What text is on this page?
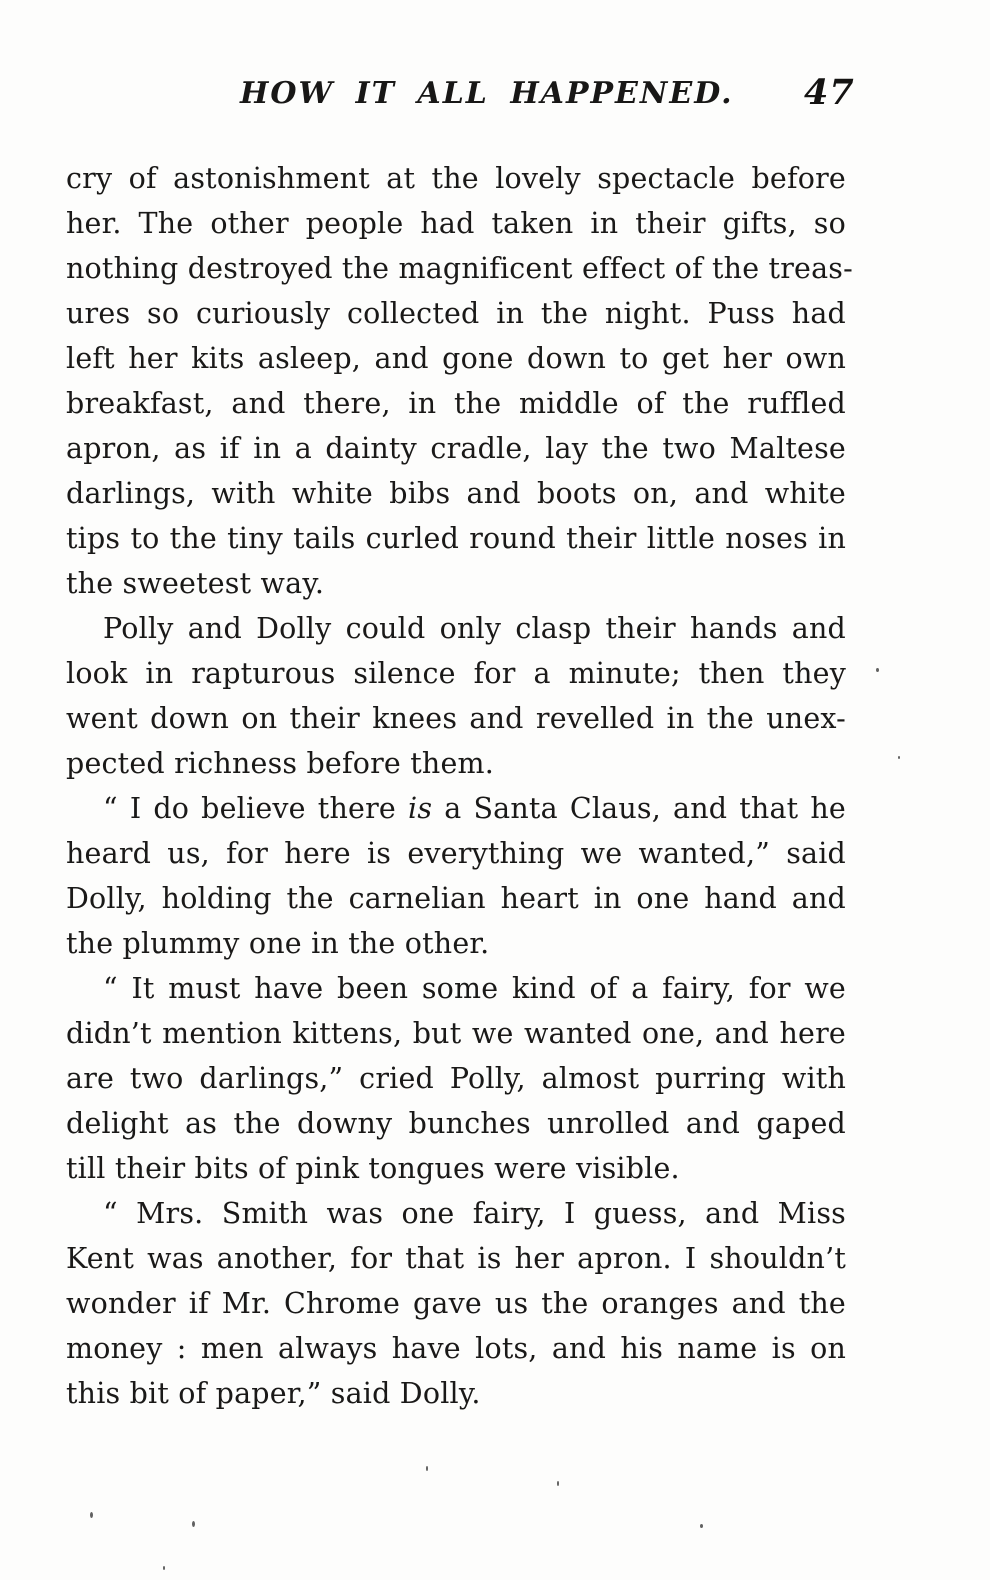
HOW IT ALL HAPPENED. 47
cry of astonishment at the lovely spectacle before
her. The other people had taken in their gifts, so
nothing destroyed the magnificent effect of the treas-
ures so curiously collected in the night. Puss had
left her kits asleep, and gone down to get her own
breakfast, and there, in the middle of the ruffled
apron, as if in a dainty cradle, lay the two Maltese
darlings, with white bibs and boots on, and white
tips to the tiny tails curled round their little noses in
the sweetest way.
Polly and Dolly could only clasp their hands and
look in rapturous silence for a minute; then they
went down on their knees and revelled in the unex-
pected richness before them.
“ I do believe there is a Santa Claus, and that he
heard us, for here is everything we wanted,” said
Dolly, holding the carnelian heart in one hand and
the plummy one in the other.
“ It must have been some kind of a fairy, for we
didn’t mention kittens, but we wanted one, and here
are two darlings,” cried Polly, almost purring with
delight as the downy bunches unrolled and gaped
till their bits of pink tongues were visible.
“ Mrs. Smith was one fairy, I guess, and Miss
Kent was another, for that is her apron. I shouldn’t
wonder if Mr. Chrome gave us the oranges and the
money : men always have lots, and his name is on
this bit of paper,” said Dolly.
